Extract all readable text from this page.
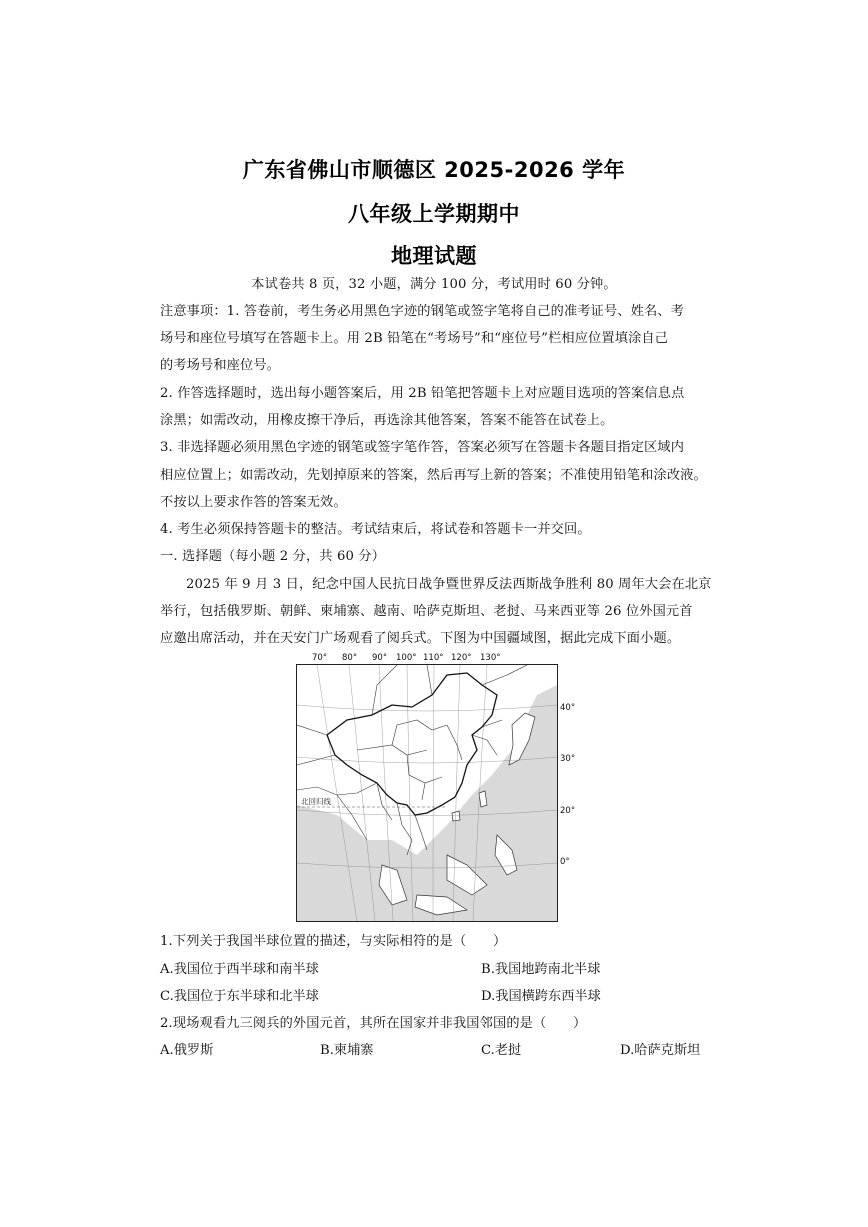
广东省佛山市顺德区 2025-2026 学年
八年级上学期期中
地理试题
本试卷共 8 页，32 小题，满分 100 分，考试用时 60 分钟。
注意事项：1. 答卷前，考生务必用黑色字迹的钢笔或签字笔将自己的准考证号、姓名、考
场号和座位号填写在答题卡上。用 2B 铅笔在“考场号”和“座位号”栏相应位置填涂自己
的考场号和座位号。
2. 作答选择题时，选出每小题答案后，用 2B 铅笔把答题卡上对应题目选项的答案信息点
涂黑；如需改动，用橡皮擦干净后，再选涂其他答案，答案不能答在试卷上。
3. 非选择题必须用黑色字迹的钢笔或签字笔作答，答案必须写在答题卡各题目指定区域内
相应位置上；如需改动，先划掉原来的答案，然后再写上新的答案；不准使用铅笔和涂改液。
不按以上要求作答的答案无效。
4. 考生必须保持答题卡的整洁。考试结束后，将试卷和答题卡一并交回。
一. 选择题（每小题 2 分，共 60 分）
2025 年 9 月 3 日，纪念中国人民抗日战争暨世界反法西斯战争胜利 80 周年大会在北京
举行，包括俄罗斯、朝鲜、柬埔寨、越南、哈萨克斯坦、老挝、马来西亚等 26 位外国元首
应邀出席活动，并在天安门广场观看了阅兵式。下图为中国疆域图，据此完成下面小题。
70° 80° 90° 100° 110° 120° 130°
40°
30°
20°
0°
北回归线
1.下列关于我国半球位置的描述，与实际相符的是（　　）
A.我国位于西半球和南半球	B.我国地跨南北半球
C.我国位于东半球和北半球	D.我国横跨东西半球
2.现场观看九三阅兵的外国元首，其所在国家并非我国邻国的是（　　）
A.俄罗斯	B.柬埔寨	C.老挝	D.哈萨克斯坦
